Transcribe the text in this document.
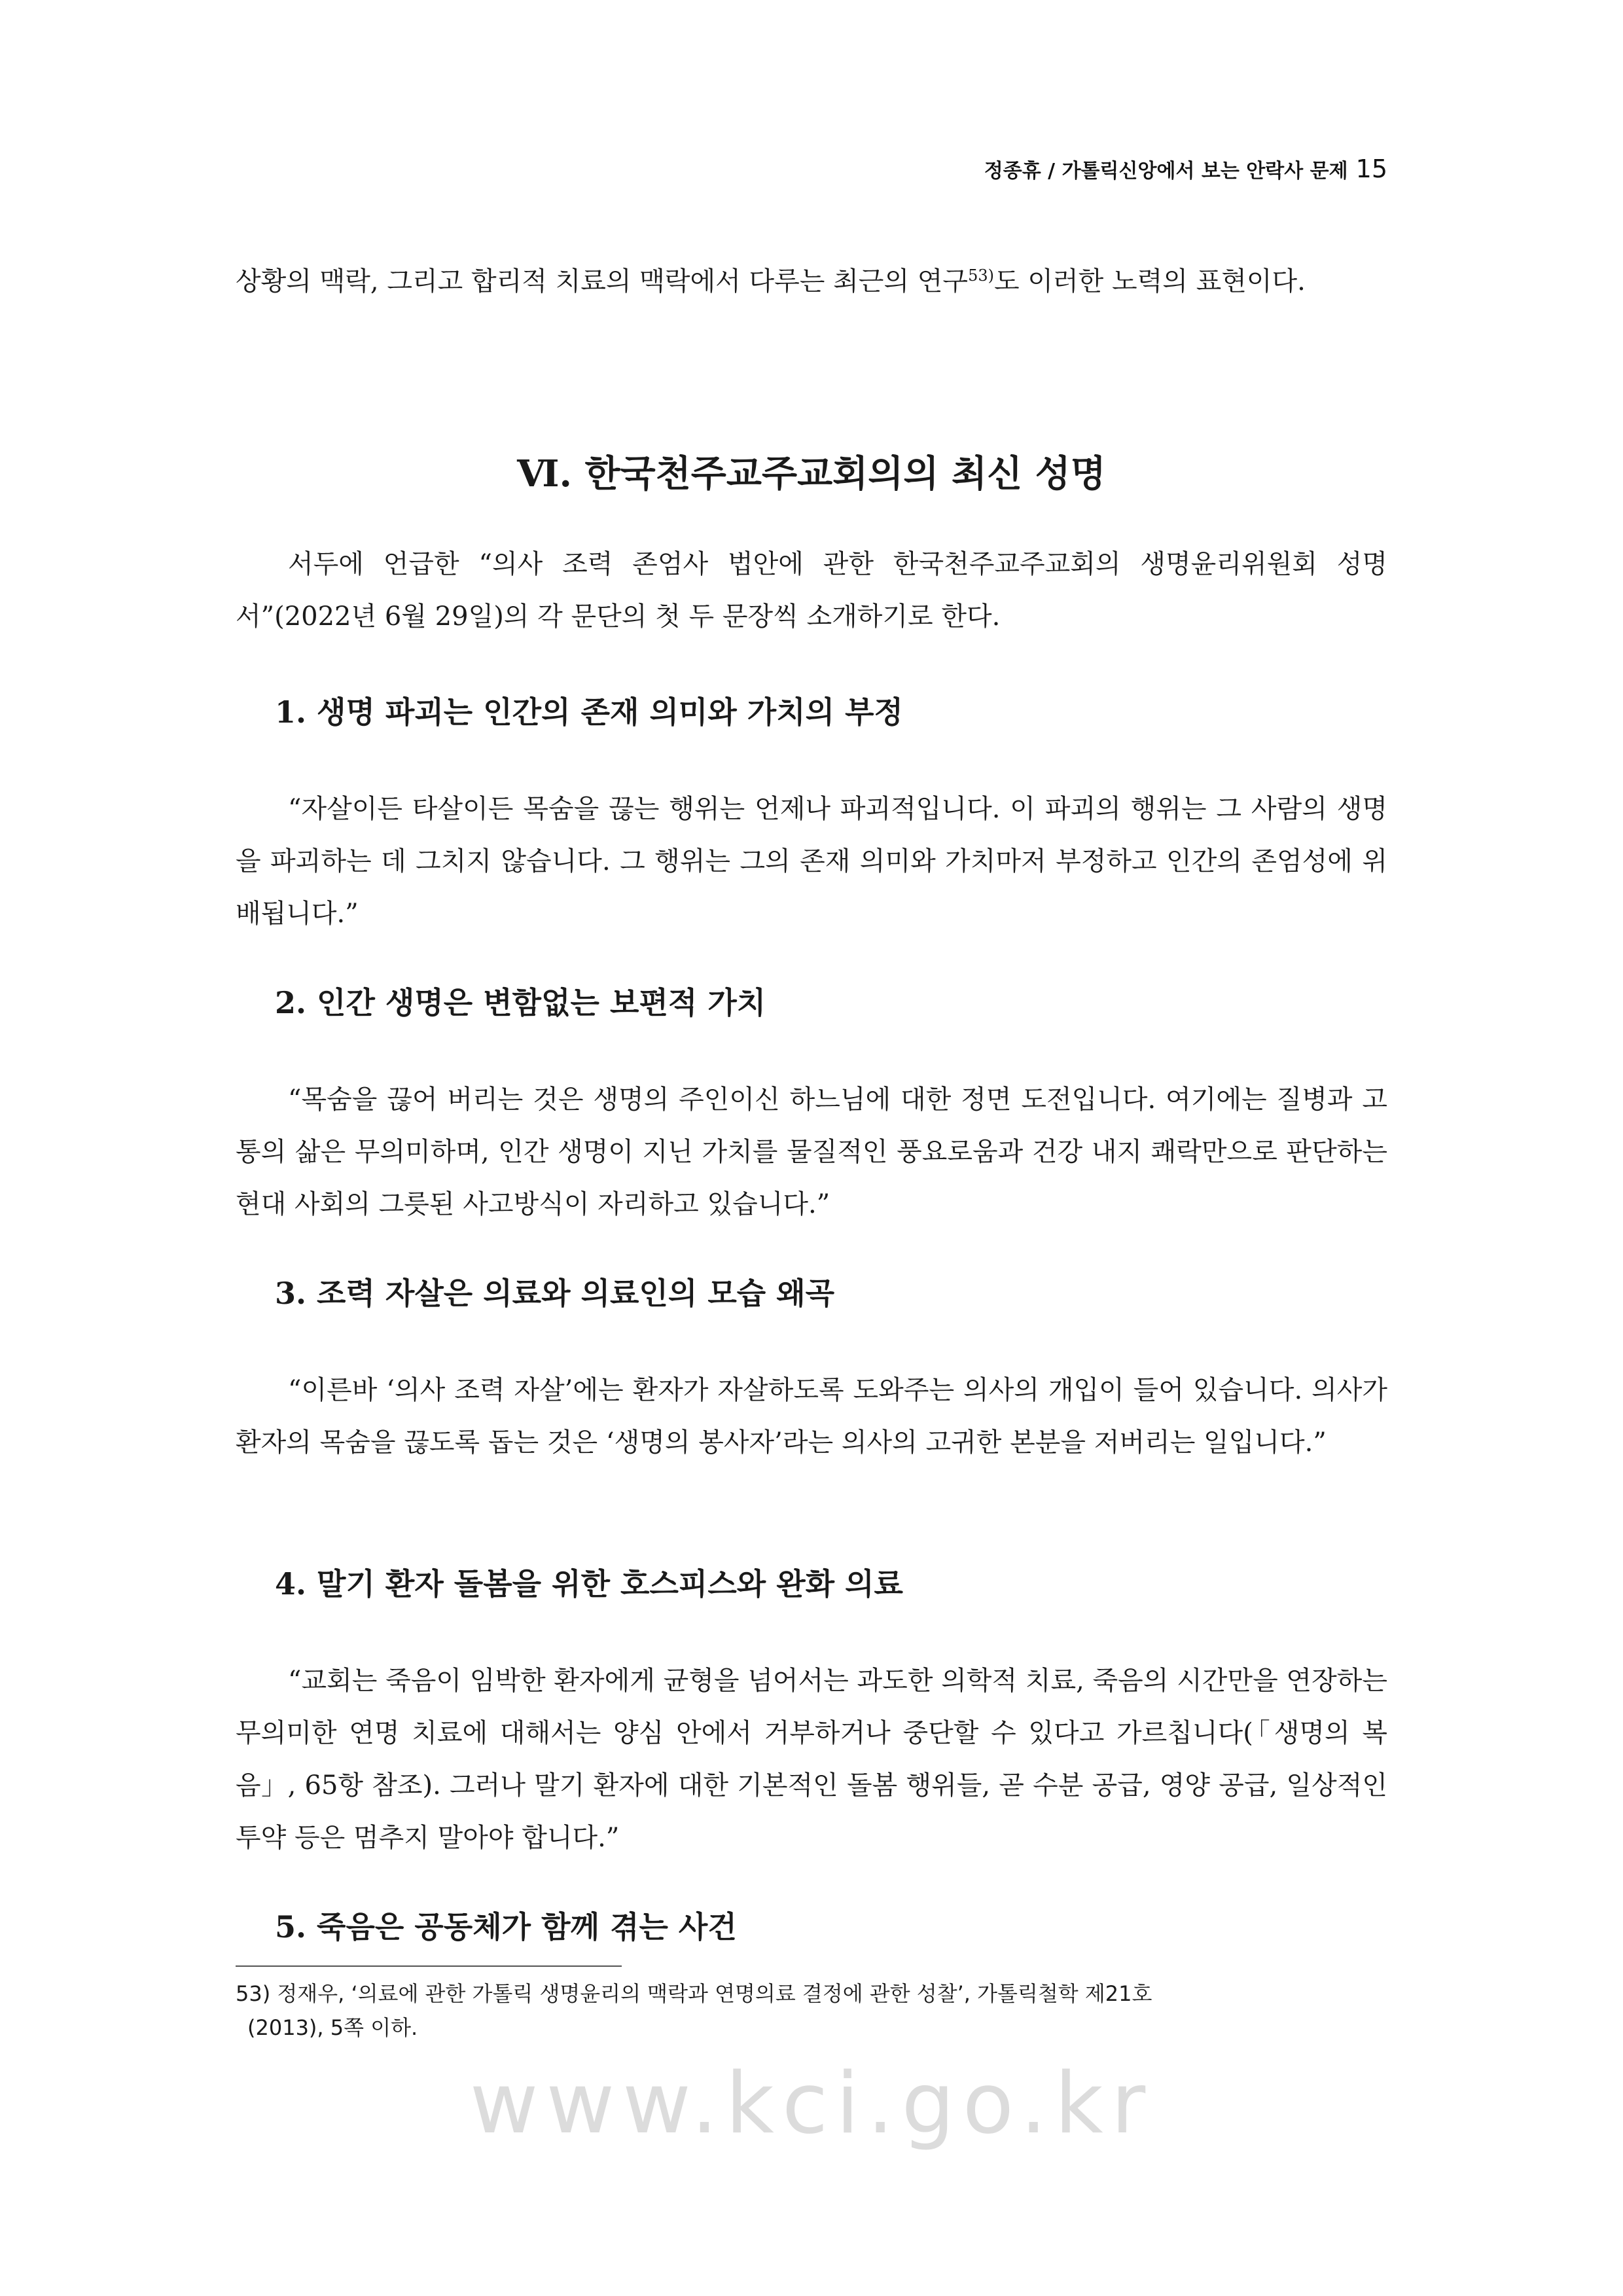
정종휴 / 가톨릭신앙에서 보는 안락사 문제 15

상황의 맥락, 그리고 합리적 치료의 맥락에서 다루는 최근의 연구$^{53)}$도 이러한 노력의 표현이다.

Ⅵ. 한국천주교주교회의의 최신 성명

서두에 언급한 “의사 조력 존엄사 법안에 관한 한국천주교주교회의 생명윤리위원회 성명서”(2022년 6월 29일)의 각 문단의 첫 두 문장씩 소개하기로 한다.

1. 생명 파괴는 인간의 존재 의미와 가치의 부정

“자살이든 타살이든 목숨을 끊는 행위는 언제나 파괴적입니다. 이 파괴의 행위는 그 사람의 생명을 파괴하는 데 그치지 않습니다. 그 행위는 그의 존재 의미와 가치마저 부정하고 인간의 존엄성에 위배됩니다.”

2. 인간 생명은 변함없는 보편적 가치

“목숨을 끊어 버리는 것은 생명의 주인이신 하느님에 대한 정면 도전입니다. 여기에는 질병과 고통의 삶은 무의미하며, 인간 생명이 지닌 가치를 물질적인 풍요로움과 건강 내지 쾌락만으로 판단하는 현대 사회의 그릇된 사고방식이 자리하고 있습니다.”

3. 조력 자살은 의료와 의료인의 모습 왜곡

“이른바 ‘의사 조력 자살’에는 환자가 자살하도록 도와주는 의사의 개입이 들어 있습니다. 의사가 환자의 목숨을 끊도록 돕는 것은 ‘생명의 봉사자’라는 의사의 고귀한 본분을 저버리는 일입니다.”

4. 말기 환자 돌봄을 위한 호스피스와 완화 의료

“교회는 죽음이 임박한 환자에게 균형을 넘어서는 과도한 의학적 치료, 죽음의 시간만을 연장하는 무의미한 연명 치료에 대해서는 양심 안에서 거부하거나 중단할 수 있다고 가르칩니다(「생명의 복음」, 65항 참조). 그러나 말기 환자에 대한 기본적인 돌봄 행위들, 곧 수분 공급, 영양 공급, 일상적인 투약 등은 멈추지 말아야 합니다.”

5. 죽음은 공동체가 함께 겪는 사건

53) 정재우, ‘의료에 관한 가톨릭 생명윤리의 맥락과 연명의료 결정에 관한 성찰’, 가톨릭철학 제21호
(2013), 5쪽 이하.

www.kci.go.kr
